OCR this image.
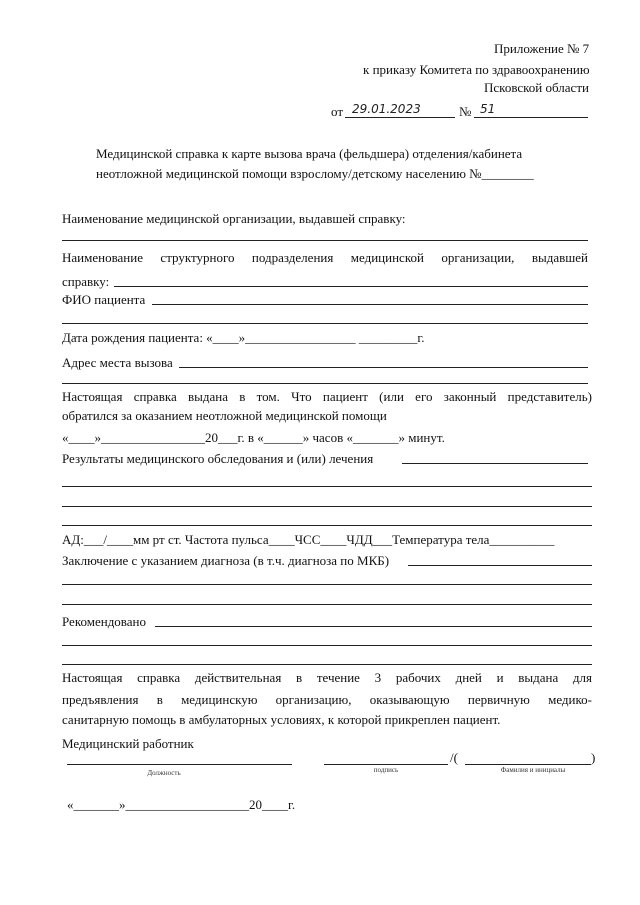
Приложение № 7
к приказу Комитета по здравоохранению
Псковской области
от 29.01.2023	№ 51
Медицинской справка к карте вызова врача (фельдшера) отделения/кабинета
неотложной медицинской помощи взрослому/детскому населению №________
Наименование медицинской организации, выдавшей справку:
Наименование структурного подразделения медицинской организации, выдавшей
справку:
ФИО пациента
Дата рождения пациента: «____»_________________ _________г.
Адрес места вызова
Настоящая справка выдана в том. Что пациент (или его законный представитель)
обратился за оказанием неотложной медицинской помощи
«____»________________20___г. в «______» часов «_______» минут.
Результаты медицинского обследования и (или) лечения
АД:___/____мм рт ст. Частота пульса____ЧСС____ЧДД___Температура тела__________
Заключение с указанием диагноза (в т.ч. диагноза по МКБ)
Рекомендовано
Настоящая справка действительная в течение 3 рабочих дней и выдана для
предъявления в медицинскую организацию, оказывающую первичную медико-
санитарную помощь в амбулаторных условиях, к которой прикреплен пациент.
Медицинский работник
/(	)
Должность	подпись	Фамилия и инициалы
«_______»___________________20____г.
